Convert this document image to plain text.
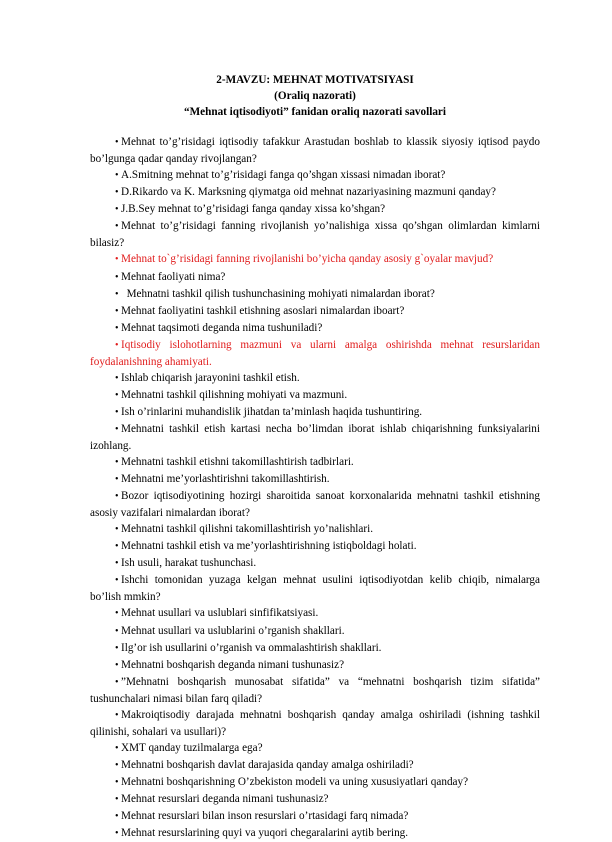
2-MAVZU: MEHNAT MOTIVATSIYASI

(Oraliq nazorati)

“Mehnat iqtisodiyoti” fanidan oraliq nazorati savollari

• Mehnat to’g’risidagi iqtisodiy tafakkur Arastudan boshlab to klassik siyosiy iqtisod paydo bo’lgunga qadar qanday rivojlangan?

• A.Smitning mehnat to’g’risidagi fanga qo’shgan xissasi nimadan iborat?

• D.Rikardo va K. Marksning qiymatga oid mehnat nazariyasining mazmuni qanday?

• J.B.Sey mehnat to’g’risidagi fanga qanday xissa ko’shgan?

• Mehnat to’g’risidagi fanning rivojlanish yo’nalishiga xissa qo’shgan olimlardan kimlarni bilasiz?

• Mehnat to`g’risidagi fanning rivojlanishi bo’yicha qanday asosiy g`oyalar mavjud?

• Mehnat faoliyati nima?

•  Mehnatni tashkil qilish tushunchasining mohiyati nimalardan iborat?

• Mehnat faoliyatini tashkil etishning asoslari nimalardan iboart?

• Mehnat taqsimoti deganda nima tushuniladi?

• Iqtisodiy islohotlarning mazmuni va ularni amalga oshirishda mehnat resurslaridan foydalanishning ahamiyati.

• Ishlab chiqarish jarayonini tashkil etish.

• Mehnatni tashkil qilishning mohiyati va mazmuni.

• Ish o’rinlarini muhandislik jihatdan ta’minlash haqida tushuntiring.

• Mehnatni tashkil etish kartasi necha bo’limdan iborat ishlab chiqarishning funksiyalarini izohlang.

• Mehnatni tashkil etishni takomillashtirish tadbirlari.

• Mehnatni me’yorlashtirishni takomillashtirish.

• Bozor iqtisodiyotining hozirgi sharoitida sanoat korxonalarida mehnatni tashkil etishning asosiy vazifalari nimalardan iborat?

• Mehnatni tashkil qilishni takomillashtirish yo’nalishlari.

• Mehnatni tashkil etish va me’yorlashtirishning istiqboldagi holati.

• Ish usuli, harakat tushunchasi.

• Ishchi tomonidan yuzaga kelgan mehnat usulini iqtisodiyotdan kelib chiqib, nimalarga bo’lish mmkin?

• Mehnat usullari va uslublari sinfifikatsiyasi.

• Mehnat usullari va uslublarini o’rganish shakllari.

• Ilg’or ish usullarini o’rganish va ommalashtirish shakllari.

• Mehnatni boshqarish deganda nimani tushunasiz?

• ”Mehnatni boshqarish munosabat sifatida” va “mehnatni boshqarish tizim sifatida” tushunchalari nimasi bilan farq qiladi?

• Makroiqtisodiy darajada mehnatni boshqarish qanday amalga oshiriladi (ishning tashkil qilinishi, sohalari va usullari)?

• XMT qanday tuzilmalarga ega?

• Mehnatni boshqarish davlat darajasida qanday amalga oshiriladi?

• Mehnatni boshqarishning O’zbekiston modeli va uning xususiyatlari qanday?

• Mehnat resurslari deganda nimani tushunasiz?

• Mehnat resurslari bilan inson resurslari o’rtasidagi farq nimada?

• Mehnat resurslarining quyi va yuqori chegaralarini aytib bering.
